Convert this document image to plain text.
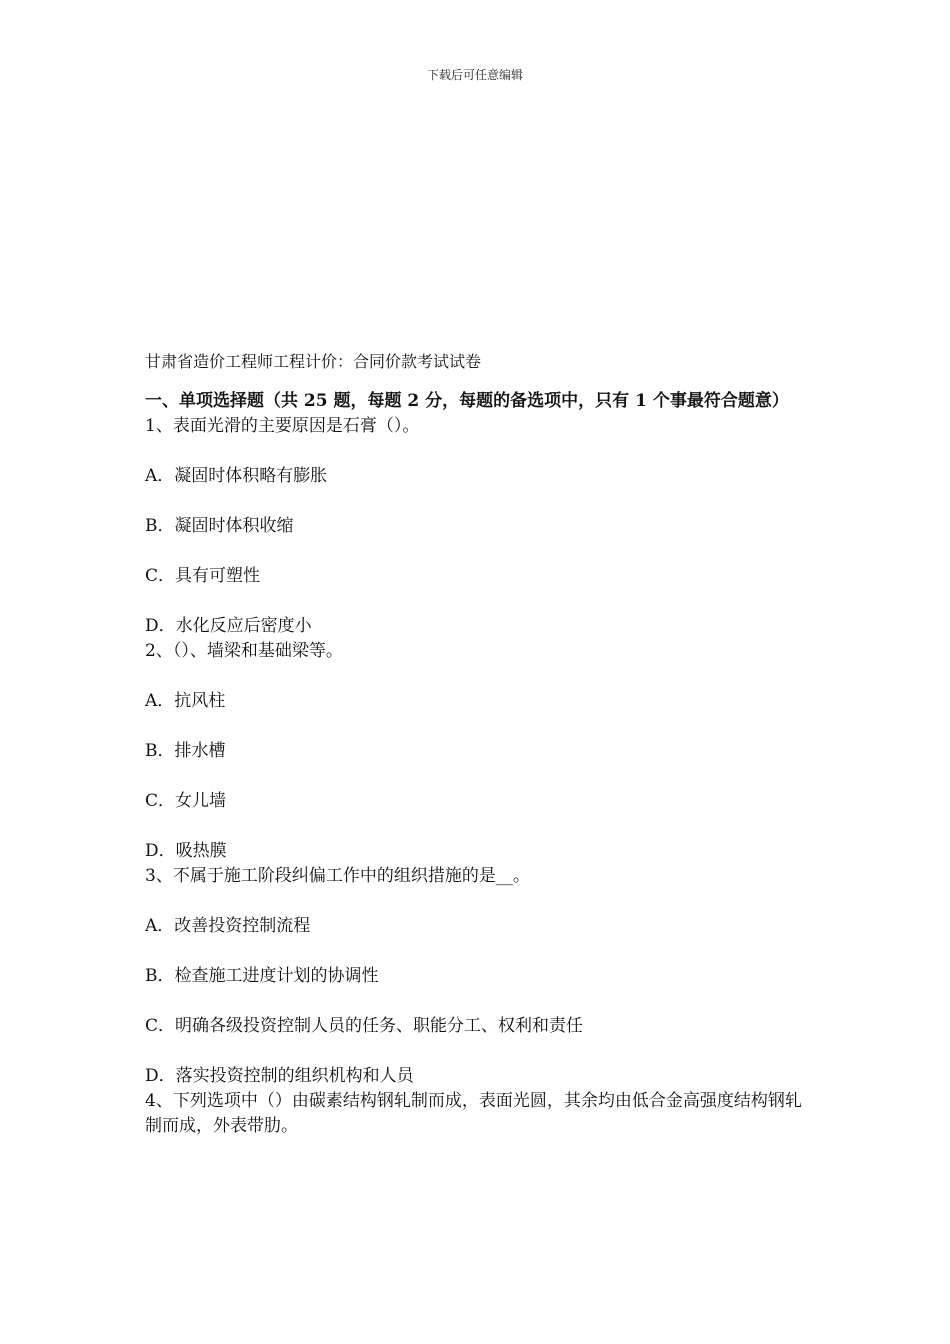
下载后可任意编辑
甘肃省造价工程师工程计价：合同价款考试试卷
一、单项选择题（共 25 题，每题 2 分，每题的备选项中，只有 1 个事最符合题意）
1、表面光滑的主要原因是石膏（）。
A．凝固时体积略有膨胀
B．凝固时体积收缩
C．具有可塑性
D．水化反应后密度小
2、（）、墙梁和基础梁等。
A．抗风柱
B．排水槽
C．女儿墙
D．吸热膜
3、不属于施工阶段纠偏工作中的组织措施的是__。
A．改善投资控制流程
B．检查施工进度计划的协调性
C．明确各级投资控制人员的任务、职能分工、权利和责任
D．落实投资控制的组织机构和人员
4、下列选项中（）由碳素结构钢轧制而成，表面光圆，其余均由低合金高强度结构钢轧制而成，外表带肋。
